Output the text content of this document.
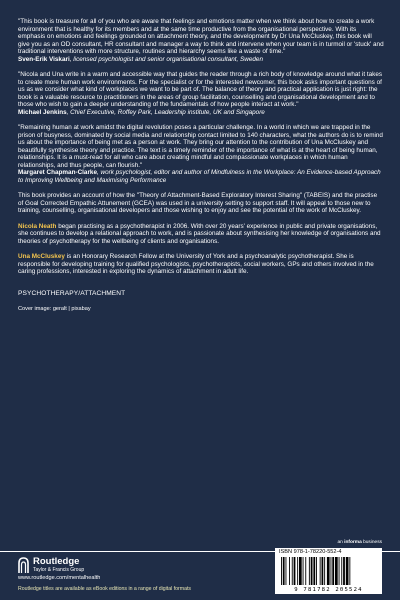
"This book is treasure for all of you who are aware that feelings and emotions matter when we think about how to create a work environment that is healthy for its members and at the same time productive from the organisational perspective. With its emphasis on emotions and feelings grounded on attachment theory, and the development by Dr Una McCluskey, this book will give you as an OD consultant, HR consultant and manager a way to think and intervene when your team is in turmoil or 'stuck' and traditional interventions with more structure, routines and hierarchy seems like a waste of time."

Sven-Erik Viskari, licensed psychologist and senior organisational consultant, Sweden

"Nicola and Una write in a warm and accessible way that guides the reader through a rich body of knowledge around what it takes to create more human work environments. For the specialist or for the interested newcomer, this book asks important questions of us as we consider what kind of workplaces we want to be part of. The balance of theory and practical application is just right: the book is a valuable resource to practitioners in the areas of group facilitation, counselling and organisational development and to those who wish to gain a deeper understanding of the fundamentals of how people interact at work."

Michael Jenkins, Chief Executive, Roffey Park, Leadership institute, UK and Singapore

"Remaining human at work amidst the digital revolution poses a particular challenge. In a world in which we are trapped in the prison of busyness, dominated by social media and relationship contact limited to 140 characters, what the authors do is to remind us about the importance of being met as a person at work. They bring our attention to the contribution of Una McCluskey and beautifully synthesise theory and practice. The text is a timely reminder of the importance of what is at the heart of being human, relationships. It is a must-read for all who care about creating mindful and compassionate workplaces in which human relationships, and thus people, can flourish."

Margaret Chapman-Clarke, work psychologist, editor and author of Mindfulness in the Workplace: An Evidence-based Approach to Improving Wellbeing and Maximising Performance

This book provides an account of how the "Theory of Attachment-Based Exploratory Interest Sharing" (TABEIS) and the practise of Goal Corrected Empathic Attunement (GCEA) was used in a university setting to support staff. It will appeal to those new to training, counselling, organisational developers and those wishing to enjoy and see the potential of the work of McCluskey.

Nicola Neath began practising as a psychotherapist in 2006. With over 20 years' experience in public and private organisations, she continues to develop a relational approach to work, and is passionate about synthesising her knowledge of organisations and theories of psychotherapy for the wellbeing of clients and organisations.

Una McCluskey is an Honorary Research Fellow at the University of York and a psychoanalytic psychotherapist. She is responsible for developing training for qualified psychologists, psychotherapists, social workers, GPs and others involved in the caring professions, interested in exploring the dynamics of attachment in adult life.

PSYCHOTHERAPY/ATTACHMENT
Cover image: geralt | pixabay
Routledge
Taylor & Francis Group
www.routledge.com/mentalhealth
Routledge titles are available as eBook editions in a range of digital formats
an informa business
ISBN 978-1-78220-552-4
9 781782 205524
